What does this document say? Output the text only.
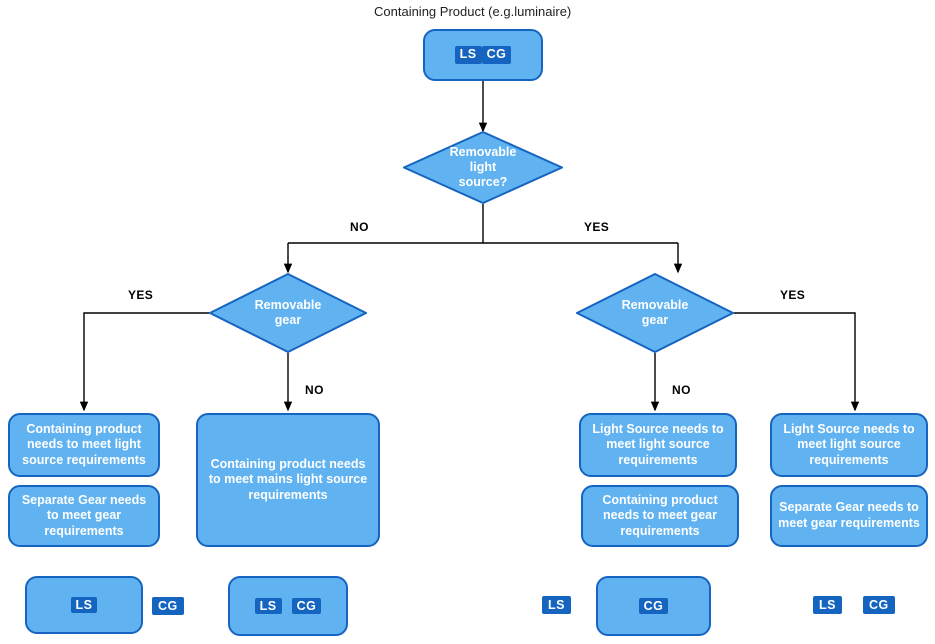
Containing Product (e.g.luminaire)
LS CG
Removable
light
source?
NO	YES
Removable
gear
Removable
gear
YES
NO	NO
YES
Containing product needs to meet light source requirements
Separate Gear needs to meet gear requirements
Containing product needs to meet mains light source requirements
Light Source needs to meet light source requirements
Containing product needs to meet gear requirements
Light Source needs to meet light source requirements
Separate Gear needs to meet gear requirements
LS	CG	LS	CG	LS	CG	LS	CG
